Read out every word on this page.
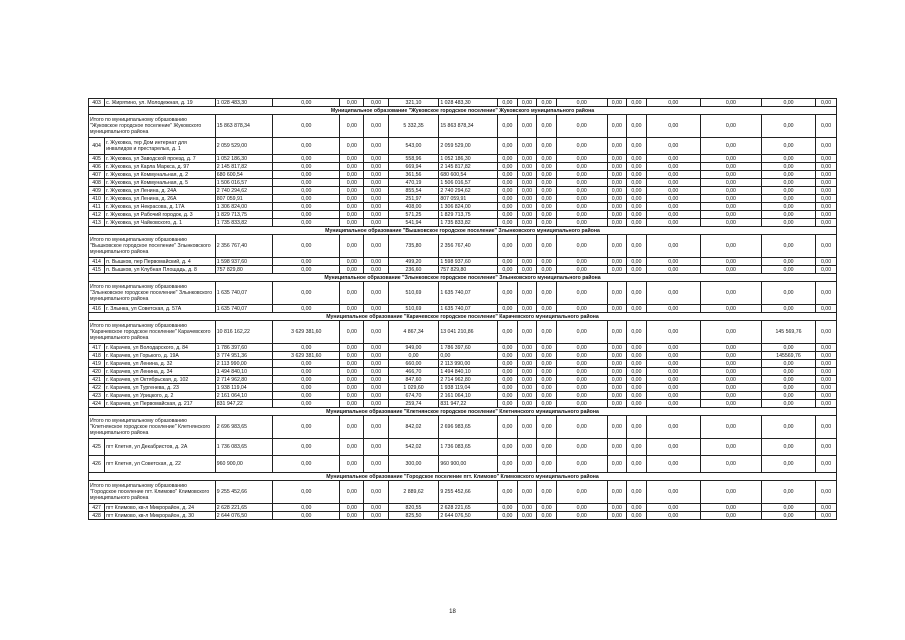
403	с. Жирятино, ул. Молодежная, д. 19	1 028 483,30	0,00	0,00	0,00	321,10	1 028 483,30	0,00	0,00	0,00	0,00	0,00	0,00	0,00	0,00	0,00	0,00
Муниципальное образование "Жуковское городское поселение" Жуковского муниципального района																	
Итого по муниципальному образованию "Жуковское городское поселение" Жуковского муниципального района		15 863 878,34	0,00	0,00	0,00	5 332,35	15 863 878,34	0,00	0,00	0,00	0,00	0,00	0,00	0,00	0,00	0,00	0,00
404	г. Жуковка, тер Дом интернат для инвалидов и престарелых, д. 1	2 059 529,00	0,00	0,00	0,00	543,00	2 059 529,00	0,00	0,00	0,00	0,00	0,00	0,00	0,00	0,00	0,00	0,00
405	г. Жуковка, ул Заводской проезд, д. 7	1 052 186,30	0,00	0,00	0,00	558,96	1 052 186,30	0,00	0,00	0,00	0,00	0,00	0,00	0,00	0,00	0,00	0,00
406	г. Жуковка, ул Карла Маркса, д. 97	2 145 817,82	0,00	0,00	0,00	669,94	2 145 817,82	0,00	0,00	0,00	0,00	0,00	0,00	0,00	0,00	0,00	0,00
407	г. Жуковка, ул Коммунальная, д. 2	680 600,54	0,00	0,00	0,00	361,56	680 600,54	0,00	0,00	0,00	0,00	0,00	0,00	0,00	0,00	0,00	0,00
408	г. Жуковка, ул Коммунальная, д. 5	1 506 016,57	0,00	0,00	0,00	470,19	1 506 016,57	0,00	0,00	0,00	0,00	0,00	0,00	0,00	0,00	0,00	0,00
409	г. Жуковка, ул Ленина, д. 24А	2 740 294,62	0,00	0,00	0,00	855,54	2 740 294,62	0,00	0,00	0,00	0,00	0,00	0,00	0,00	0,00	0,00	0,00
410	г. Жуковка, ул Ленина, д. 26А	807 059,91	0,00	0,00	0,00	251,97	807 059,91	0,00	0,00	0,00	0,00	0,00	0,00	0,00	0,00	0,00	0,00
411	г. Жуковка, ул Некрасова, д. 17А	1 306 824,00	0,00	0,00	0,00	408,00	1 306 824,00	0,00	0,00	0,00	0,00	0,00	0,00	0,00	0,00	0,00	0,00
412	г. Жуковка, ул Рабочий городок, д. 3	1 829 713,75	0,00	0,00	0,00	571,25	1 829 713,75	0,00	0,00	0,00	0,00	0,00	0,00	0,00	0,00	0,00	0,00
413	г. Жуковка, ул Чайковского, д. 1	1 735 833,82	0,00	0,00	0,00	541,94	1 735 833,82	0,00	0,00	0,00	0,00	0,00	0,00	0,00	0,00	0,00	0,00
Муниципальное образование "Вышковское городское поселение" Злынковского муниципального района																	
Итого по муниципальному образованию "Вышковское городское поселение" Злынковского муниципального района		2 356 767,40	0,00	0,00	0,00	735,80	2 356 767,40	0,00	0,00	0,00	0,00	0,00	0,00	0,00	0,00	0,00	0,00
414	п. Вышков, пер Первомайский, д. 4	1 598 937,60	0,00	0,00	0,00	499,20	1 598 937,60	0,00	0,00	0,00	0,00	0,00	0,00	0,00	0,00	0,00	0,00
415	п. Вышков, ул Клубная Площадь, д. 8	757 829,80	0,00	0,00	0,00	236,60	757 829,80	0,00	0,00	0,00	0,00	0,00	0,00	0,00	0,00	0,00	0,00
Муниципальное образование "Злынковское городское поселение" Злынковского муниципального района																	
Итого по муниципальному образованию "Злынковское городское поселение" Злынковского муниципального района		1 635 740,07	0,00	0,00	0,00	510,69	1 635 740,07	0,00	0,00	0,00	0,00	0,00	0,00	0,00	0,00	0,00	0,00
416	г. Злынка, ул Советская, д. 57А	1 635 740,07	0,00	0,00	0,00	510,69	1 635 740,07	0,00	0,00	0,00	0,00	0,00	0,00	0,00	0,00	0,00	0,00
Муниципальное образование "Карачевское городское поселение" Карачевского муниципального района																	
Итого по муниципальному образованию "Карачевское городское поселение" Карачевского муниципального района		10 816 162,22	3 629 381,60	0,00	0,00	4 867,34	13 041 210,86	0,00	0,00	0,00	0,00	0,00	0,00	0,00	0,00	145 569,76	0,00
417	г. Карачев, ул Володарского, д. 84	1 786 397,60	0,00	0,00	0,00	949,00	1 786 397,60	0,00	0,00	0,00	0,00	0,00	0,00	0,00	0,00	0,00	0,00
418	г. Карачев, ул Горького, д. 19А	3 774 951,36	3 629 381,60	0,00	0,00	0,00	0,00	0,00	0,00	0,00	0,00	0,00	0,00	0,00	0,00	145569,76	0,00
419	г. Карачев, ул Ленина, д. 32	2 113 990,00	0,00	0,00	0,00	660,00	2 113 990,00	0,00	0,00	0,00	0,00	0,00	0,00	0,00	0,00	0,00	0,00
420	г. Карачев, ул Ленина, д. 34	1 494 840,10	0,00	0,00	0,00	466,70	1 494 840,10	0,00	0,00	0,00	0,00	0,00	0,00	0,00	0,00	0,00	0,00
421	г. Карачев, ул Октябрьская, д. 102	2 714 962,80	0,00	0,00	0,00	847,60	2 714 962,80	0,00	0,00	0,00	0,00	0,00	0,00	0,00	0,00	0,00	0,00
422	г. Карачев, ул Тургенева, д. 23	1 938 119,04	0,00	0,00	0,00	1 029,60	1 938 119,04	0,00	0,00	0,00	0,00	0,00	0,00	0,00	0,00	0,00	0,00
423	г. Карачев, ул Урицкого, д. 2	2 161 064,10	0,00	0,00	0,00	674,70	2 161 064,10	0,00	0,00	0,00	0,00	0,00	0,00	0,00	0,00	0,00	0,00
424	г. Карачев, ул Первомайская, д. 217	831 947,22	0,00	0,00	0,00	259,74	831 947,22	0,00	0,00	0,00	0,00	0,00	0,00	0,00	0,00	0,00	0,00
Муниципальное образование "Клетнянское городское поселение" Клетнянского муниципального района																	
Итого по муниципальному образованию "Клетнянское городское поселение" Клетнянского муниципального района		2 696 983,65	0,00	0,00	0,00	842,02	2 696 983,65	0,00	0,00	0,00	0,00	0,00	0,00	0,00	0,00	0,00	0,00
425	пгт Клетня, ул Декабристов, д. 2А	1 736 083,65	0,00	0,00	0,00	542,02	1 736 083,65	0,00	0,00	0,00	0,00	0,00	0,00	0,00	0,00	0,00	0,00
426	пгт Клетня, ул Советская, д. 22	960 900,00	0,00	0,00	0,00	300,00	960 900,00	0,00	0,00	0,00	0,00	0,00	0,00	0,00	0,00	0,00	0,00
Муниципальное образование "Городское поселение пгт. Климово" Климовского муниципального района																	
Итого по муниципальному образованию "Городское поселение пгт. Климово" Климовского муниципального района		9 255 452,66	0,00	0,00	0,00	2 889,62	9 255 452,66	0,00	0,00	0,00	0,00	0,00	0,00	0,00	0,00	0,00	0,00
427	пгт Климово, кв-л Микрорайон, д. 24	2 628 221,65	0,00	0,00	0,00	820,55	2 628 221,65	0,00	0,00	0,00	0,00	0,00	0,00	0,00	0,00	0,00	0,00
428	пгт Климово, кв-л Микрорайон, д. 30	2 644 076,50	0,00	0,00	0,00	825,50	2 644 076,50	0,00	0,00	0,00	0,00	0,00	0,00	0,00	0,00	0,00	0,00
18
